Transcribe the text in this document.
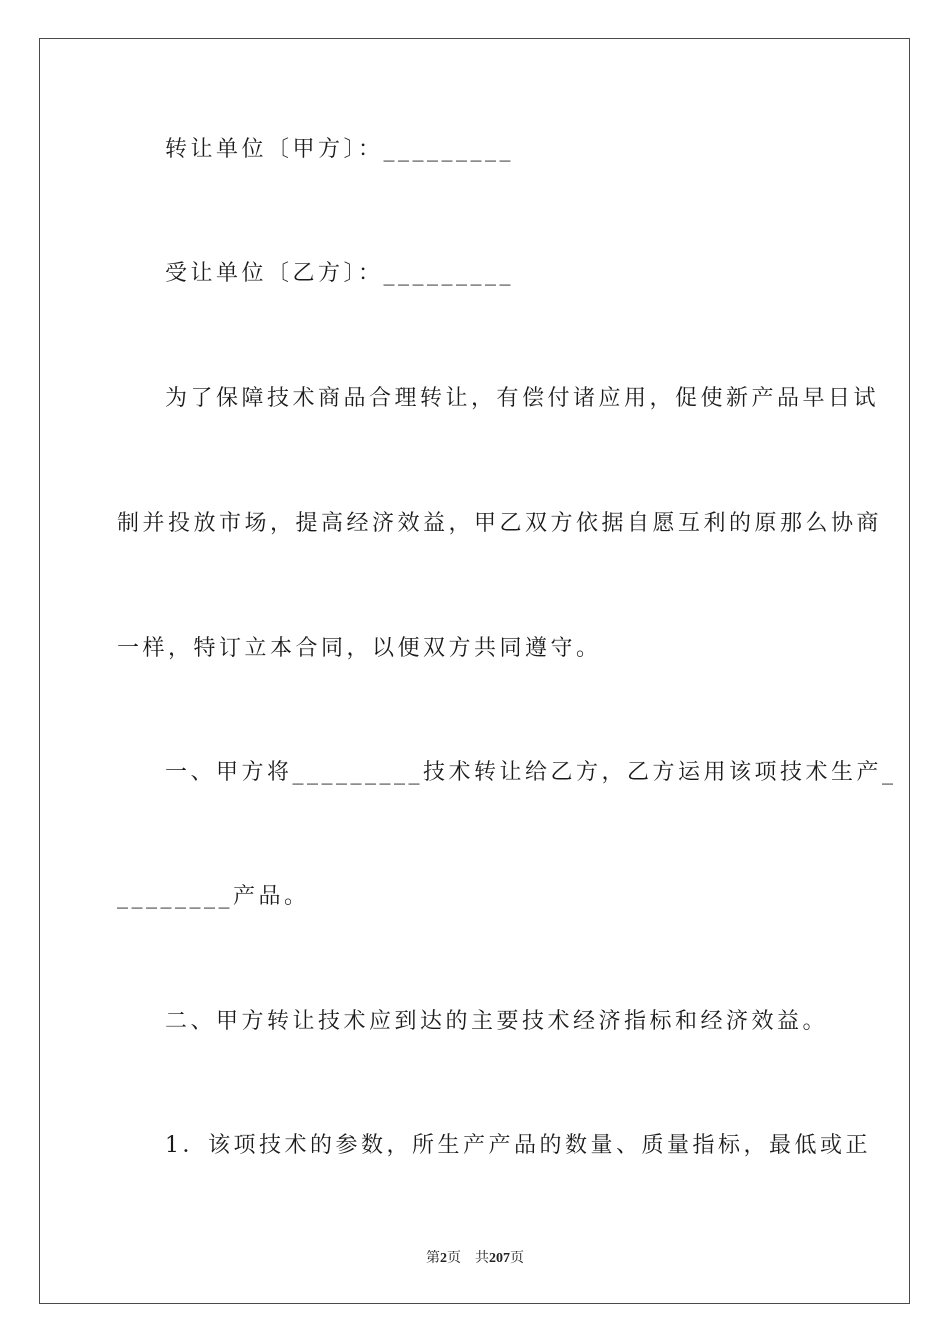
转让单位〔甲方〕：_________
受让单位〔乙方〕：_________
为了保障技术商品合理转让，有偿付诸应用，促使新产品早日试
制并投放市场，提高经济效益，甲乙双方依据自愿互利的原那么协商
一样，特订立本合同，以便双方共同遵守。
一、甲方将_________技术转让给乙方，乙方运用该项技术生产_
________产品。
二、甲方转让技术应到达的主要技术经济指标和经济效益。
1．该项技术的参数，所生产产品的数量、质量指标，最低或正
第2页 共207页
